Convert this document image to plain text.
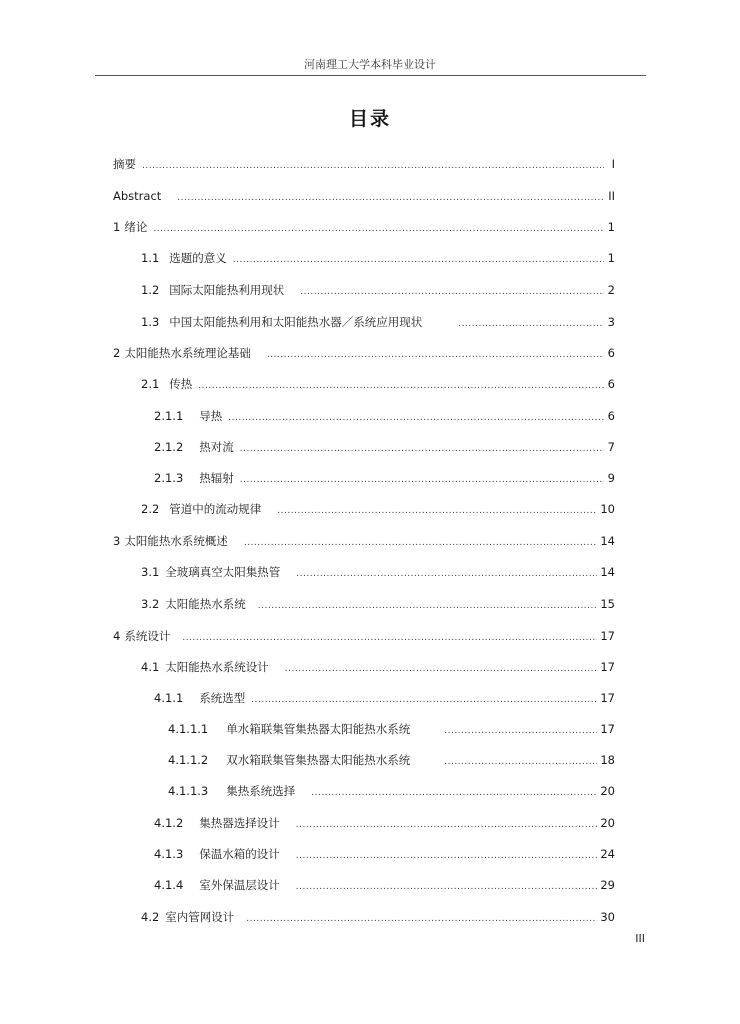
河南理工大学本科毕业设计
目录
摘要 .....	I
Abstract .....	II
1 绪论 .....	1
1.1 选题的意义 .....	1
1.2 国际太阳能热利用现状 .....	2
1.3 中国太阳能热利用和太阳能热水器／系统应用现状 .....	3
2 太阳能热水系统理论基础 .....	6
2.1 传热 .....	6
2.1.1 导热 .....	6
2.1.2 热对流 .....	7
2.1.3 热辐射 .....	9
2.2 管道中的流动规律 .....	10
3 太阳能热水系统概述 .....	14
3.1 全玻璃真空太阳集热管 .....	14
3.2 太阳能热水系统 .....	15
4 系统设计 .....	17
4.1 太阳能热水系统设计 .....	17
4.1.1 系统选型 .....	17
4.1.1.1 单水箱联集管集热器太阳能热水系统 .....	17
4.1.1.2 双水箱联集管集热器太阳能热水系统 .....	18
4.1.1.3 集热系统选择 .....	20
4.1.2 集热器选择设计 .....	20
4.1.3 保温水箱的设计 .....	24
4.1.4 室外保温层设计 .....	29
4.2 室内管网设计 .....	30
III
